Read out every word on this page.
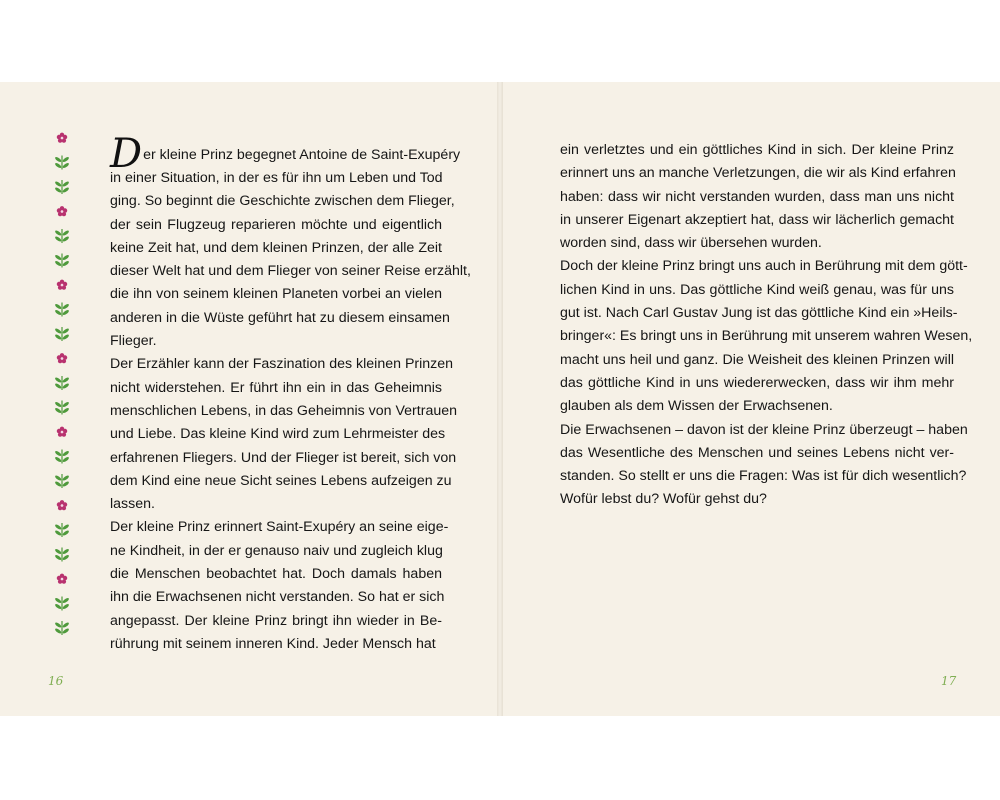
D er kleine Prinz begegnet Antoine de Saint-Exupéry
in einer Situation, in der es für ihn um Leben und Tod
ging. So beginnt die Geschichte zwischen dem Flieger,
der sein Flugzeug reparieren möchte und eigentlich
keine Zeit hat, und dem kleinen Prinzen, der alle Zeit
dieser Welt hat und dem Flieger von seiner Reise erzählt,
die ihn von seinem kleinen Planeten vorbei an vielen
anderen in die Wüste geführt hat zu diesem einsamen
Flieger.
Der Erzähler kann der Faszination des kleinen Prinzen
nicht widerstehen. Er führt ihn ein in das Geheimnis
menschlichen Lebens, in das Geheimnis von Vertrauen
und Liebe. Das kleine Kind wird zum Lehrmeister des
erfahrenen Fliegers. Und der Flieger ist bereit, sich von
dem Kind eine neue Sicht seines Lebens aufzeigen zu
lassen.
Der kleine Prinz erinnert Saint-Exupéry an seine eige-
ne Kindheit, in der er genauso naiv und zugleich klug
die Menschen beobachtet hat. Doch damals haben
ihn die Erwachsenen nicht verstanden. So hat er sich
angepasst. Der kleine Prinz bringt ihn wieder in Be-
rührung mit seinem inneren Kind. Jeder Mensch hat
16
ein verletztes und ein göttliches Kind in sich. Der kleine Prinz
erinnert uns an manche Verletzungen, die wir als Kind erfahren
haben: dass wir nicht verstanden wurden, dass man uns nicht
in unserer Eigenart akzeptiert hat, dass wir lächerlich gemacht
worden sind, dass wir übersehen wurden.
Doch der kleine Prinz bringt uns auch in Berührung mit dem gött-
lichen Kind in uns. Das göttliche Kind weiß genau, was für uns
gut ist. Nach Carl Gustav Jung ist das göttliche Kind ein »Heils-
bringer«: Es bringt uns in Berührung mit unserem wahren Wesen,
macht uns heil und ganz. Die Weisheit des kleinen Prinzen will
das göttliche Kind in uns wiedererwecken, dass wir ihm mehr
glauben als dem Wissen der Erwachsenen.
Die Erwachsenen – davon ist der kleine Prinz überzeugt – haben
das Wesentliche des Menschen und seines Lebens nicht ver-
standen. So stellt er uns die Fragen: Was ist für dich wesentlich?
Wofür lebst du? Wofür gehst du?
17
